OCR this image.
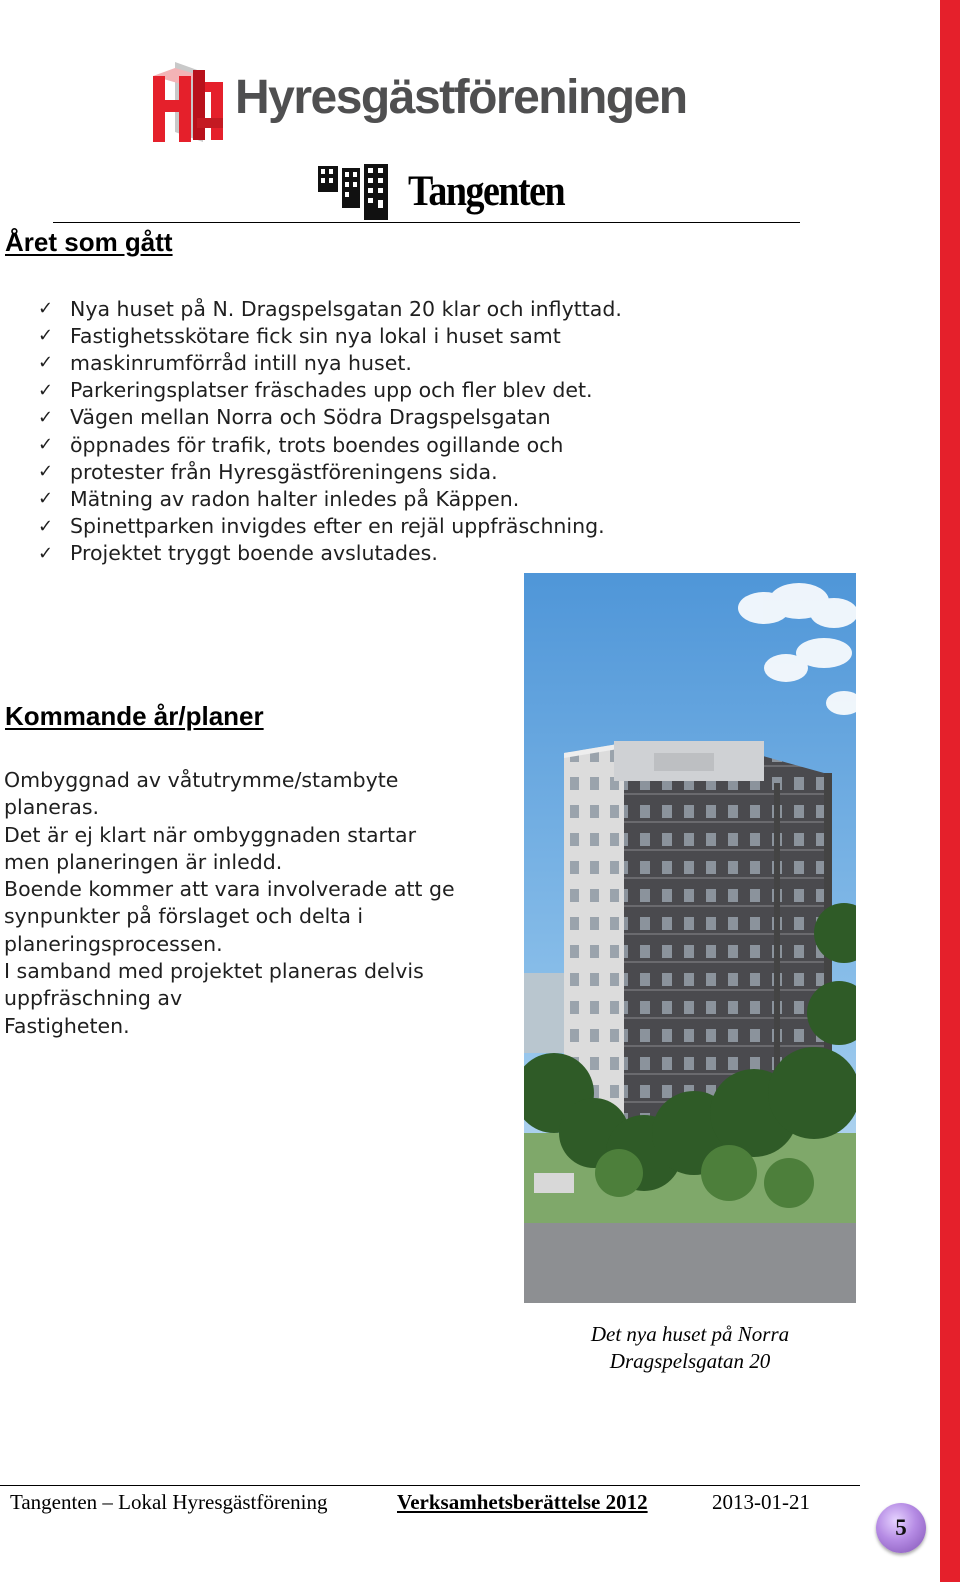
Hyresgästföreningen
Tangenten
Året som gått
✓ Nya huset på N. Dragspelsgatan 20 klar och inflyttad.
✓ Fastighetsskötare fick sin nya lokal i huset samt
✓ maskinrumförråd intill nya huset.
✓ Parkeringsplatser fräschades upp och fler blev det.
✓ Vägen mellan Norra och Södra Dragspelsgatan
✓ öppnades för trafik, trots boendes ogillande och
✓ protester från Hyresgästföreningens sida.
✓ Mätning av radon halter inledes på Käppen.
✓ Spinettparken invigdes efter en rejäl uppfräschning.
✓ Projektet tryggt boende avslutades.
Kommande år/planer
Ombyggnad av våtutrymme/stambyte
planeras.
Det är ej klart när ombyggnaden startar
men planeringen är inledd.
Boende kommer att vara involverade att ge
synpunkter på förslaget och delta i
planeringsprocessen.
I samband med projektet planeras delvis
uppfräschning av
Fastigheten.
Det nya huset på Norra
Dragspelsgatan 20
Tangenten – Lokal Hyresgästförening	Verksamhetsberättelse 2012	2013-01-21
5
